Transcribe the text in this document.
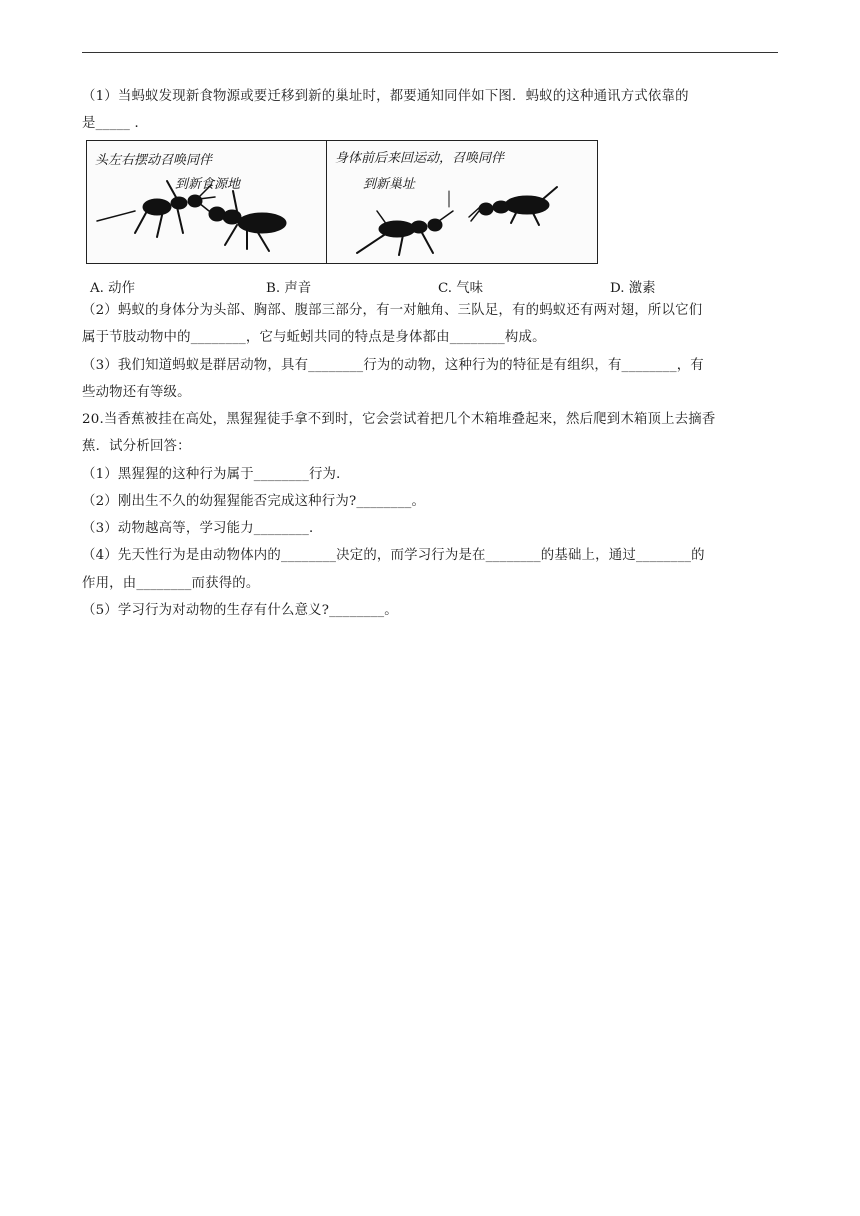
（1）当蚂蚁发现新食物源或要迁移到新的巢址时，都要通知同伴如下图．蚂蚁的这种通讯方式依靠的
是_____ ．
头左右摆动召唤同伴
到新食源地
身体前后来回运动，召唤同伴
到新巢址
A. 动作	B. 声音	C. 气味	D. 激素
（2）蚂蚁的身体分为头部、胸部、腹部三部分，有一对触角、三队足，有的蚂蚁还有两对翅，所以它们
属于节肢动物中的________，它与蚯蚓共同的特点是身体都由________构成。
（3）我们知道蚂蚁是群居动物，具有________行为的动物，这种行为的特征是有组织，有________，有
些动物还有等级。
20.当香蕉被挂在高处，黑猩猩徒手拿不到时，它会尝试着把几个木箱堆叠起来，然后爬到木箱顶上去摘香
蕉．试分析回答：
（1）黑猩猩的这种行为属于________行为．
（2）刚出生不久的幼猩猩能否完成这种行为?________。
（3）动物越高等，学习能力________．
（4）先天性行为是由动物体内的________决定的，而学习行为是在________的基础上，通过________的
作用，由________而获得的。
（5）学习行为对动物的生存有什么意义?________。
